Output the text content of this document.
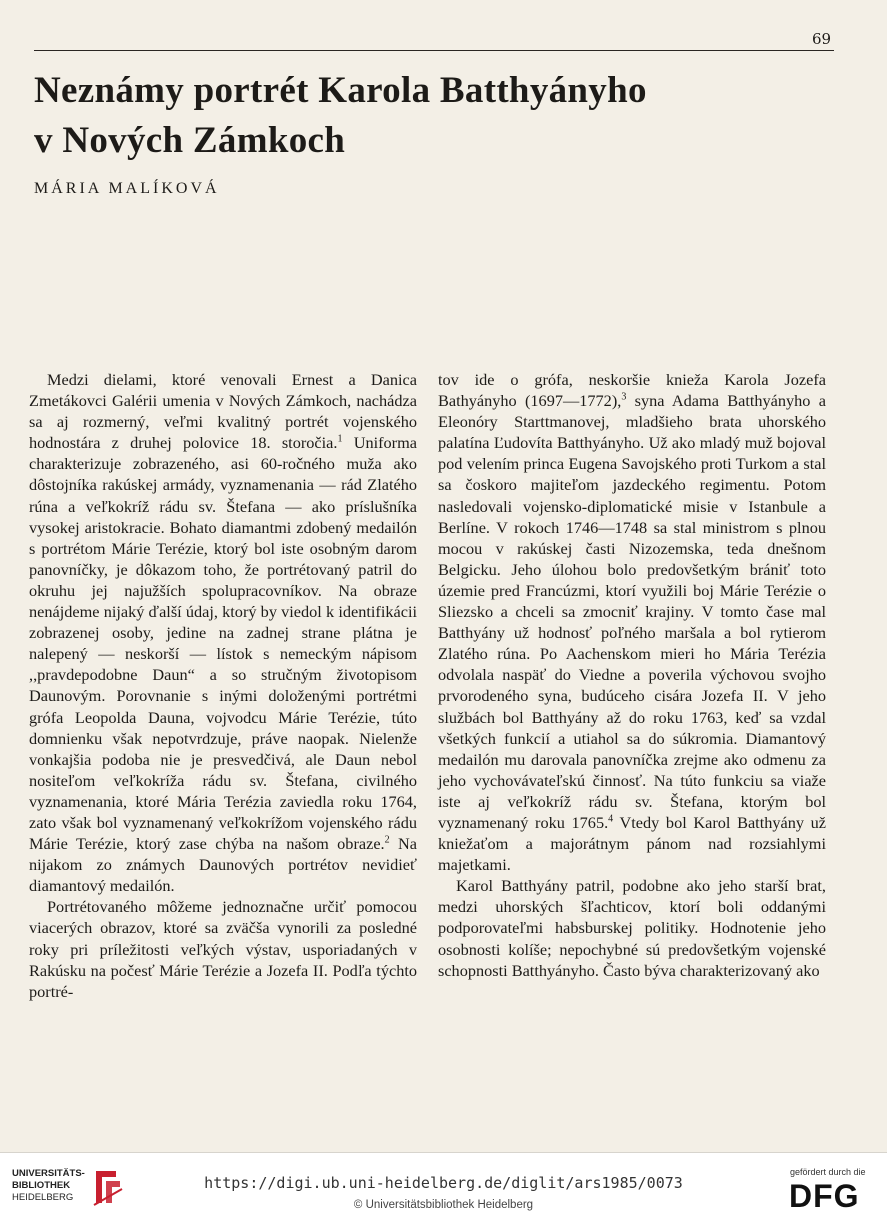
69
Neznámy portrét Karola Batthyányho
v Nových Zámkoch
MÁRIA MALÍKOVÁ

Medzi dielami, ktoré venovali Ernest a Danica Zmetákovci Galérii umenia v Nových Zámkoch, nachádza sa aj rozmerný, veľmi kvalitný portrét vojenského hodnostára z druhej polovice 18. storočia.$^1$ Uniforma charakterizuje zobrazeného, asi 60-ročného muža ako dôstojníka rakúskej armády, vyznamenania — rád Zlatého rúna a veľkokríž rádu sv. Štefana — ako príslušníka vysokej aristokracie. Bohato diamantmi zdobený medailón s portrétom Márie Terézie, ktorý bol iste osobným darom panovníčky, je dôkazom toho, že portrétovaný patril do okruhu jej najužších spolupracovníkov. Na obraze nenájdeme nijaký ďalší údaj, ktorý by viedol k identifikácii zobrazenej osoby, jedine na zadnej strane plátna je nalepený — neskorší — lístok s nemeckým nápisom ,,pravdepodobne Daun“ a so stručným životopisom Daunovým. Porovnanie s inými doloženými portrétmi grófa Leopolda Dauna, vojvodcu Márie Terézie, túto domnienku však nepotvrdzuje, práve naopak. Nielenže vonkajšia podoba nie je presvedčivá, ale Daun nebol nositeľom veľkokríža rádu sv. Štefana, civilného vyznamenania, ktoré Mária Terézia zaviedla roku 1764, zato však bol vyznamenaný veľkokrížom vojenského rádu Márie Terézie, ktorý zase chýba na našom obraze.$^2$ Na nijakom zo známych Daunových portrétov nevidieť diamantový medailón.

Portrétovaného môžeme jednoznačne určiť pomocou viacerých obrazov, ktoré sa zväčša vynorili za posledné roky pri príležitosti veľkých výstav, usporiadaných v Rakúsku na počesť Márie Terézie a Jozefa II. Podľa týchto portré-

tov ide o grófa, neskoršie knieža Karola Jozefa Bathyányho (1697—1772),$^3$ syna Adama Batthyányho a Eleonóry Starttmanovej, mladšieho brata uhorského palatína Ľudovíta Batthyányho. Už ako mladý muž bojoval pod velením princa Eugena Savojského proti Turkom a stal sa čoskoro majiteľom jazdeckého regimentu. Potom nasledovali vojensko-diplomatické misie v Istanbule a Berlíne. V rokoch 1746—1748 sa stal ministrom s plnou mocou v rakúskej časti Nizozemska, teda dnešnom Belgicku. Jeho úlohou bolo predovšetkým brániť toto územie pred Francúzmi, ktorí využili boj Márie Terézie o Sliezsko a chceli sa zmocniť krajiny. V tomto čase mal Batthyány už hodnosť poľného maršala a bol rytierom Zlatého rúna. Po Aachenskom mieri ho Mária Terézia odvolala naspäť do Viedne a poverila výchovou svojho prvorodeného syna, budúceho cisára Jozefa II. V jeho službách bol Batthyány až do roku 1763, keď sa vzdal všetkých funkcií a utiahol sa do súkromia. Diamantový medailón mu darovala panovníčka zrejme ako odmenu za jeho vychovávateľskú činnosť. Na túto funkciu sa viaže iste aj veľkokríž rádu sv. Štefana, ktorým bol vyznamenaný roku 1765.$^4$ Vtedy bol Karol Batthyány už kniežaťom a majorátnym pánom nad rozsiahlymi majetkami.

Karol Batthyány patril, podobne ako jeho starší brat, medzi uhorských šľachticov, ktorí boli oddanými podporovateľmi habsburskej politiky. Hodnotenie jeho osobnosti kolíše; nepochybné sú predovšetkým vojenské schopnosti Batthyányho. Často býva charakterizovaný ako

UNIVERSITÄTS-
BIBLIOTHEK
HEIDELBERG
https://digi.ub.uni-heidelberg.de/diglit/ars1985/0073
© Universitätsbibliothek Heidelberg
gefördert durch die
DFG
